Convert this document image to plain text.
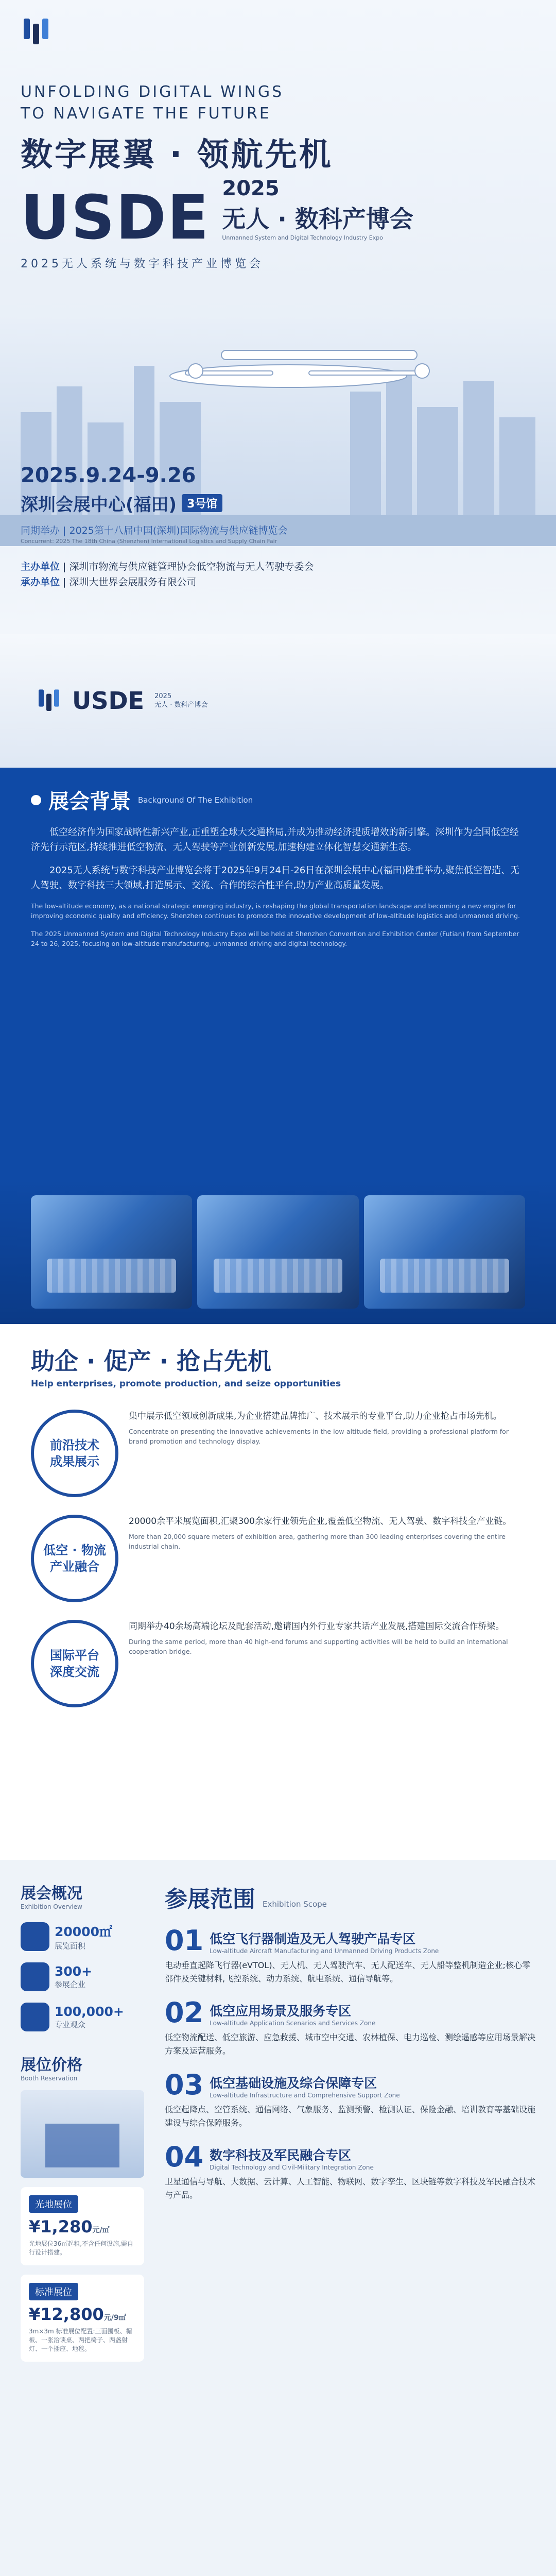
UNFOLDING DIGITAL WINGS
TO NAVIGATE THE FUTURE
数字展翼 · 领航先机
USDE 2025
无人 · 数科产博会
Unmanned System and Digital Technology Industry Expo
2025无人系统与数字科技产业博览会
2025.9.24-9.26
深圳会展中心(福田) 3号馆
同期举办 | 2025第十八届中国(深圳)国际物流与供应链博览会
Concurrent: 2025 The 18th China (Shenzhen) International Logistics and Supply Chain Fair
主办单位 | 深圳市物流与供应链管理协会低空物流与无人驾驶专委会
承办单位 | 深圳大世界会展服务有限公司
USDE 2025
无人 · 数科产博会
展会背景 Background Of The Exhibition

低空经济作为国家战略性新兴产业,正重塑全球大交通格局,并成为推动经济提质增效的新引擎。深圳作为全国低空经济先行示范区,持续推进低空物流、无人驾驶等产业创新发展,加速构建立体化智慧交通新生态。

2025无人系统与数字科技产业博览会将于2025年9月24日-26日在深圳会展中心(福田)隆重举办,聚焦低空智造、无人驾驶、数字科技三大领域,打造展示、交流、合作的综合性平台,助力产业高质量发展。

The low-altitude economy, as a national strategic emerging industry, is reshaping the global transportation landscape and becoming a new engine for improving economic quality and efficiency. Shenzhen continues to promote the innovative development of low-altitude logistics and unmanned driving.

The 2025 Unmanned System and Digital Technology Industry Expo will be held at Shenzhen Convention and Exhibition Center (Futian) from September 24 to 26, 2025, focusing on low-altitude manufacturing, unmanned driving and digital technology.

助企 · 促产 · 抢占先机
Help enterprises, promote production, and seize opportunities
前沿技术
成果展示
集中展示低空领域创新成果,为企业搭建品牌推广、技术展示的专业平台,助力企业抢占市场先机。
Concentrate on presenting the innovative achievements in the low-altitude field, providing a professional platform for brand promotion and technology display.
低空 · 物流
产业融合
20000余平米展览面积,汇聚300余家行业领先企业,覆盖低空物流、无人驾驶、数字科技全产业链。
More than 20,000 square meters of exhibition area, gathering more than 300 leading enterprises covering the entire industrial chain.
国际平台
深度交流
同期举办40余场高端论坛及配套活动,邀请国内外行业专家共话产业发展,搭建国际交流合作桥梁。
During the same period, more than 40 high-end forums and supporting activities will be held to build an international cooperation bridge.
展会概况
Exhibition Overview
20000㎡
展览面积
300+
参展企业
100,000+
专业观众
展位价格
Booth Reservation
光地展位
¥1,280元/㎡
光地展位36㎡起租,不含任何设施,需自行设计搭建。
标准展位
¥12,800元/9㎡
3m×3m 标准展位配置:三面围板、楣板、一张洽谈桌、两把椅子、两盏射灯、一个插座、地毯。
参展范围 Exhibition Scope
01 低空飞行器制造及无人驾驶产品专区
Low-altitude Aircraft Manufacturing and Unmanned Driving Products Zone
电动垂直起降飞行器(eVTOL)、无人机、无人驾驶汽车、无人配送车、无人船等整机制造企业;核心零部件及关键材料,飞控系统、动力系统、航电系统、通信导航等。
02 低空应用场景及服务专区
Low-altitude Application Scenarios and Services Zone
低空物流配送、低空旅游、应急救援、城市空中交通、农林植保、电力巡检、测绘遥感等应用场景解决方案及运营服务。
03 低空基础设施及综合保障专区
Low-altitude Infrastructure and Comprehensive Support Zone
低空起降点、空管系统、通信网络、气象服务、监测预警、检测认证、保险金融、培训教育等基础设施建设与综合保障服务。
04 数字科技及军民融合专区
Digital Technology and Civil-Military Integration Zone
卫星通信与导航、大数据、云计算、人工智能、物联网、数字孪生、区块链等数字科技及军民融合技术与产品。
